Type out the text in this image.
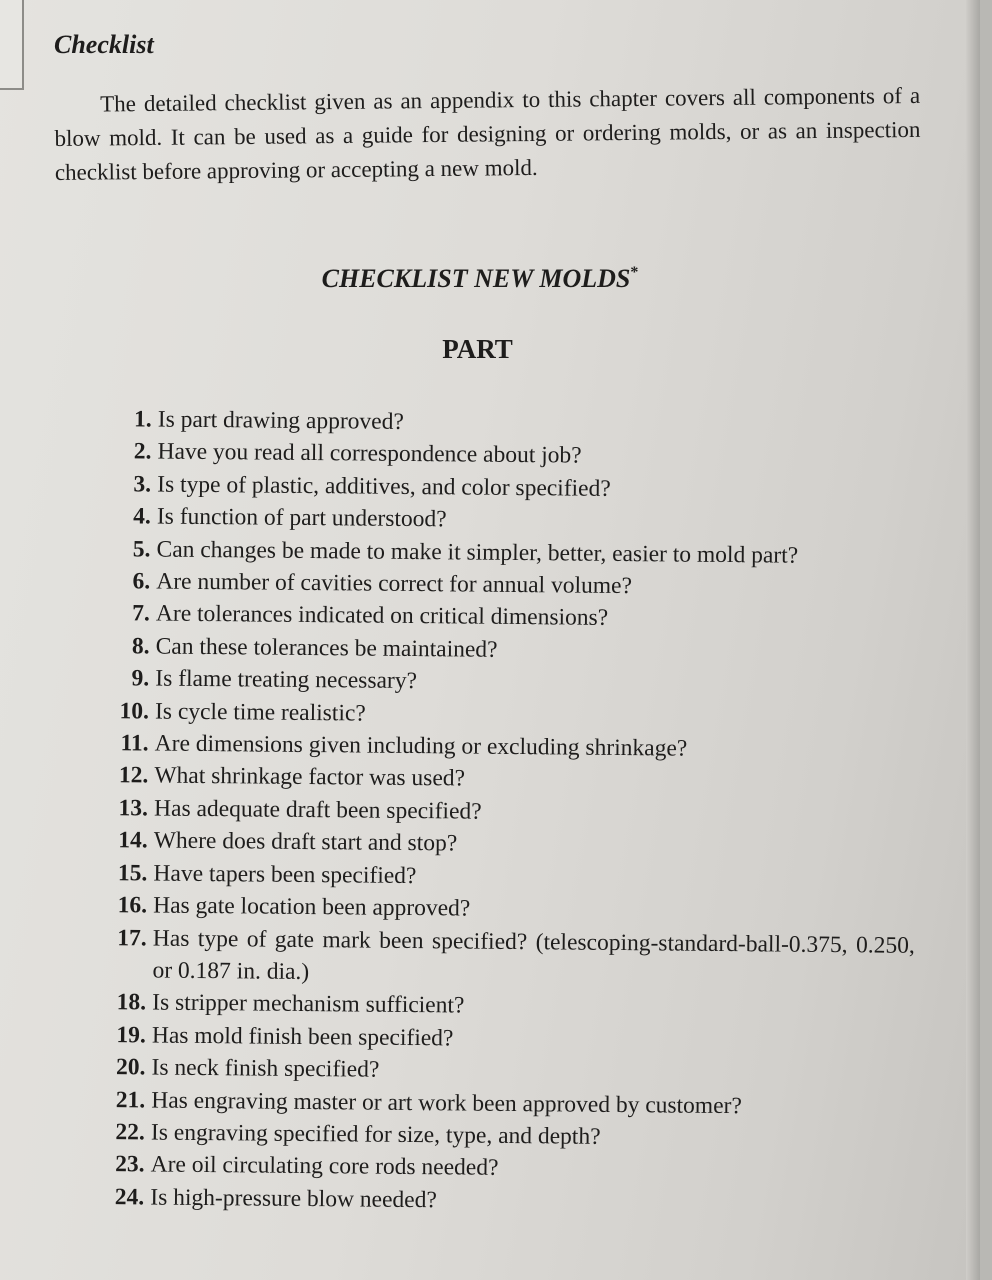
Checklist

The detailed checklist given as an appendix to this chapter covers all components of a blow mold. It can be used as a guide for designing or ordering molds, or as an inspection checklist before approving or accepting a new mold.

CHECKLIST NEW MOLDS*
PART
1 . Is part drawing approved?
2 . Have you read all correspondence about job?
3 . Is type of plastic, additives, and color specified?
4 . Is function of part understood?
5 . Can changes be made to make it simpler, better, easier to mold part?
6 . Are number of cavities correct for annual volume?
7 . Are tolerances indicated on critical dimensions?
8 . Can these tolerances be maintained?
9 . Is flame treating necessary?
10 . Is cycle time realistic?
11 . Are dimensions given including or excluding shrinkage?
12 . What shrinkage factor was used?
13 . Has adequate draft been specified?
14 . Where does draft start and stop?
15 . Have tapers been specified?
16 . Has gate location been approved?
17 . Has type of gate mark been specified? (telescoping-standard-ball-0.375, 0.250, or 0.187 in. dia.)
18 . Is stripper mechanism sufficient?
19 . Has mold finish been specified?
20 . Is neck finish specified?
21 . Has engraving master or art work been approved by customer?
22 . Is engraving specified for size, type, and depth?
23 . Are oil circulating core rods needed?
24 . Is high-pressure blow needed?
